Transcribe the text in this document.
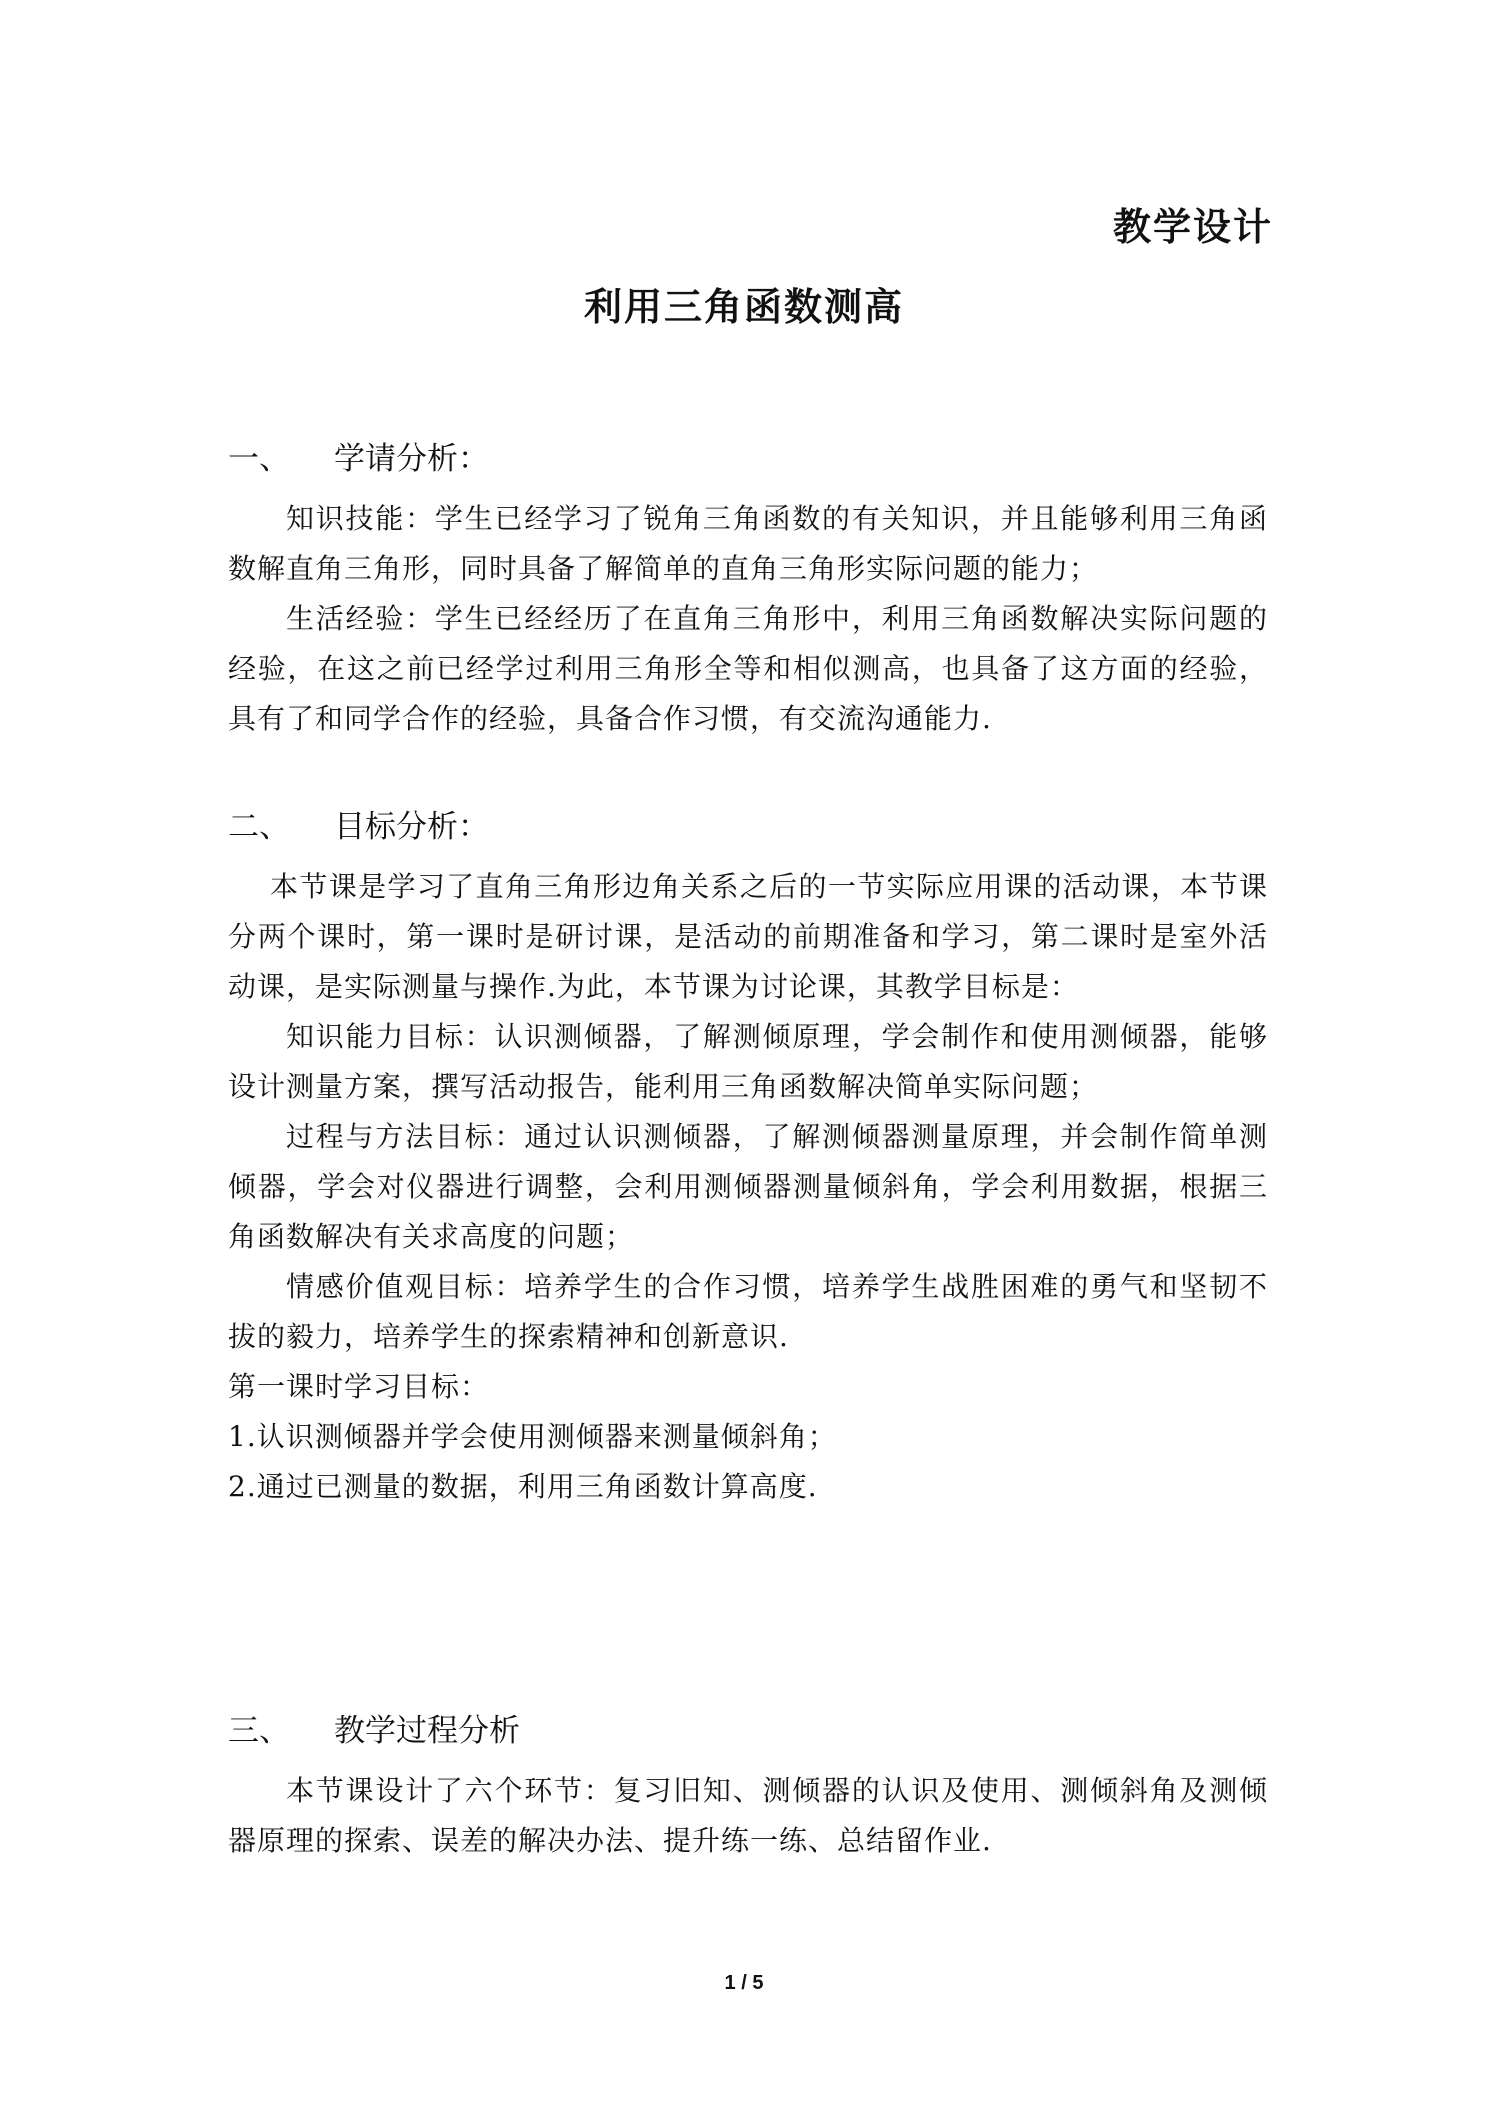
教学设计
利用三角函数测高
一、	学请分析：

知识技能：学生已经学习了锐角三角函数的有关知识，并且能够利用三角函数解直角三角形，同时具备了解简单的直角三角形实际问题的能力；

生活经验：学生已经经历了在直角三角形中，利用三角函数解决实际问题的经验，在这之前已经学过利用三角形全等和相似测高，也具备了这方面的经验，具有了和同学合作的经验，具备合作习惯，有交流沟通能力.

二、	目标分析：

本节课是学习了直角三角形边角关系之后的一节实际应用课的活动课，本节课分两个课时，第一课时是研讨课，是活动的前期准备和学习，第二课时是室外活动课，是实际测量与操作.为此，本节课为讨论课，其教学目标是：

知识能力目标：认识测倾器，了解测倾原理，学会制作和使用测倾器，能够设计测量方案，撰写活动报告，能利用三角函数解决简单实际问题；

过程与方法目标：通过认识测倾器，了解测倾器测量原理，并会制作简单测倾器，学会对仪器进行调整，会利用测倾器测量倾斜角，学会利用数据，根据三角函数解决有关求高度的问题；

情感价值观目标：培养学生的合作习惯，培养学生战胜困难的勇气和坚韧不拔的毅力，培养学生的探索精神和创新意识.

第一课时学习目标：

1.认识测倾器并学会使用测倾器来测量倾斜角；

2.通过已测量的数据，利用三角函数计算高度.

三、	教学过程分析

本节课设计了六个环节：复习旧知、测倾器的认识及使用、测倾斜角及测倾器原理的探索、误差的解决办法、提升练一练、总结留作业.

1 / 5
